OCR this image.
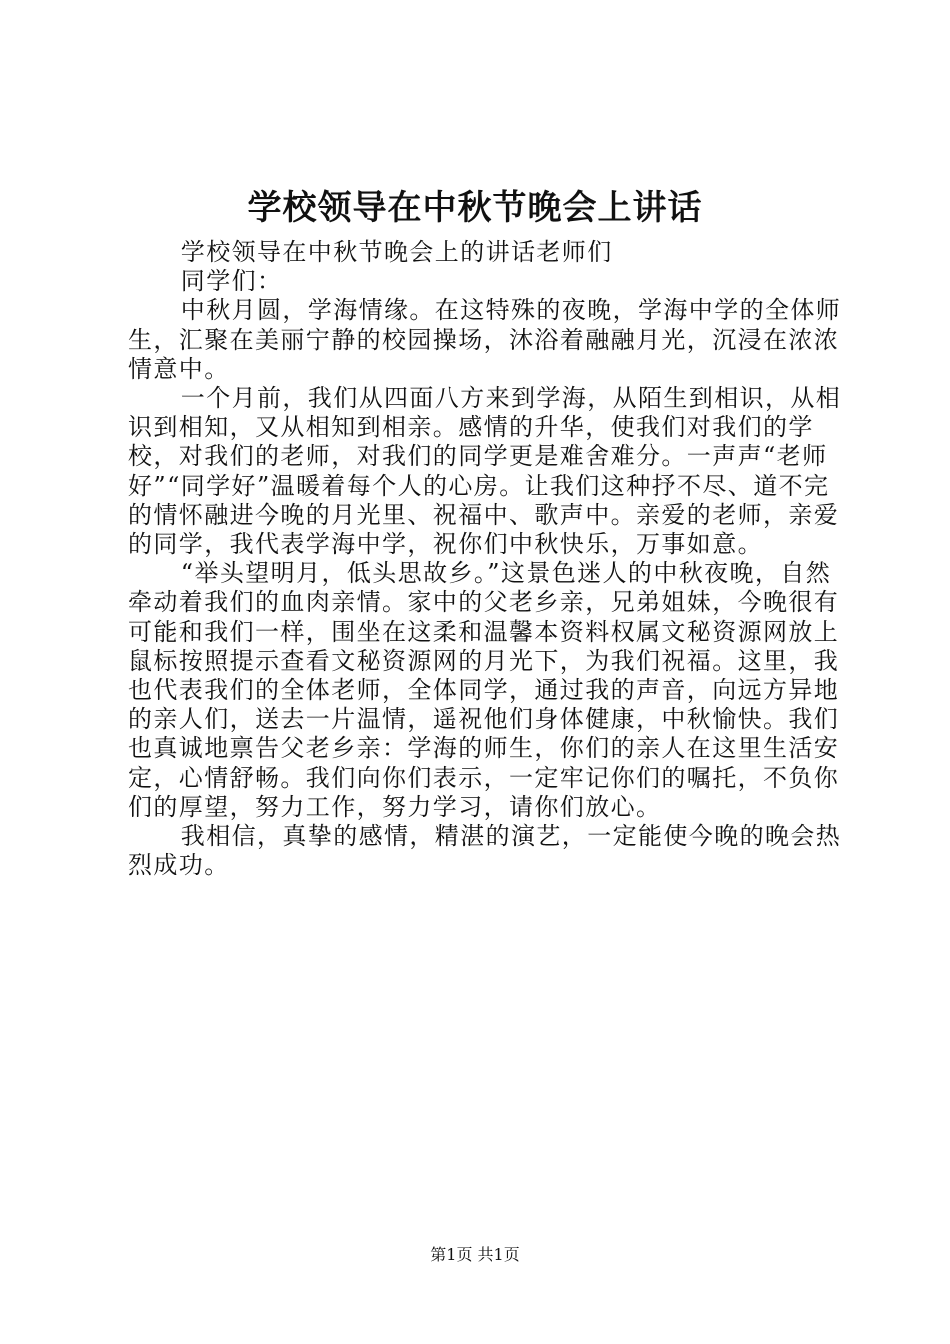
学校领导在中秋节晚会上讲话

学校领导在中秋节晚会上的讲话老师们

同学们：

中秋月圆，学海情缘。在这特殊的夜晚，学海中学的全体师生，汇聚在美丽宁静的校园操场，沐浴着融融月光，沉浸在浓浓情意中。

一个月前，我们从四面八方来到学海，从陌生到相识，从相识到相知，又从相知到相亲。感情的升华，使我们对我们的学校，对我们的老师，对我们的同学更是难舍难分。一声声“老师好”“同学好”温暖着每个人的心房。让我们这种抒不尽、道不完的情怀融进今晚的月光里、祝福中、歌声中。亲爱的老师，亲爱的同学，我代表学海中学，祝你们中秋快乐，万事如意。

“举头望明月，低头思故乡。”这景色迷人的中秋夜晚，自然牵动着我们的血肉亲情。家中的父老乡亲，兄弟姐妹，今晚很有可能和我们一样，围坐在这柔和温馨本资料权属文秘资源网放上鼠标按照提示查看文秘资源网的月光下，为我们祝福。这里，我也代表我们的全体老师，全体同学，通过我的声音，向远方异地的亲人们，送去一片温情，遥祝他们身体健康，中秋愉快。我们也真诚地禀告父老乡亲：学海的师生，你们的亲人在这里生活安定，心情舒畅。我们向你们表示，一定牢记你们的嘱托，不负你们的厚望，努力工作，努力学习，请你们放心。

我相信，真挚的感情，精湛的演艺，一定能使今晚的晚会热烈成功。

第1页 共1页
